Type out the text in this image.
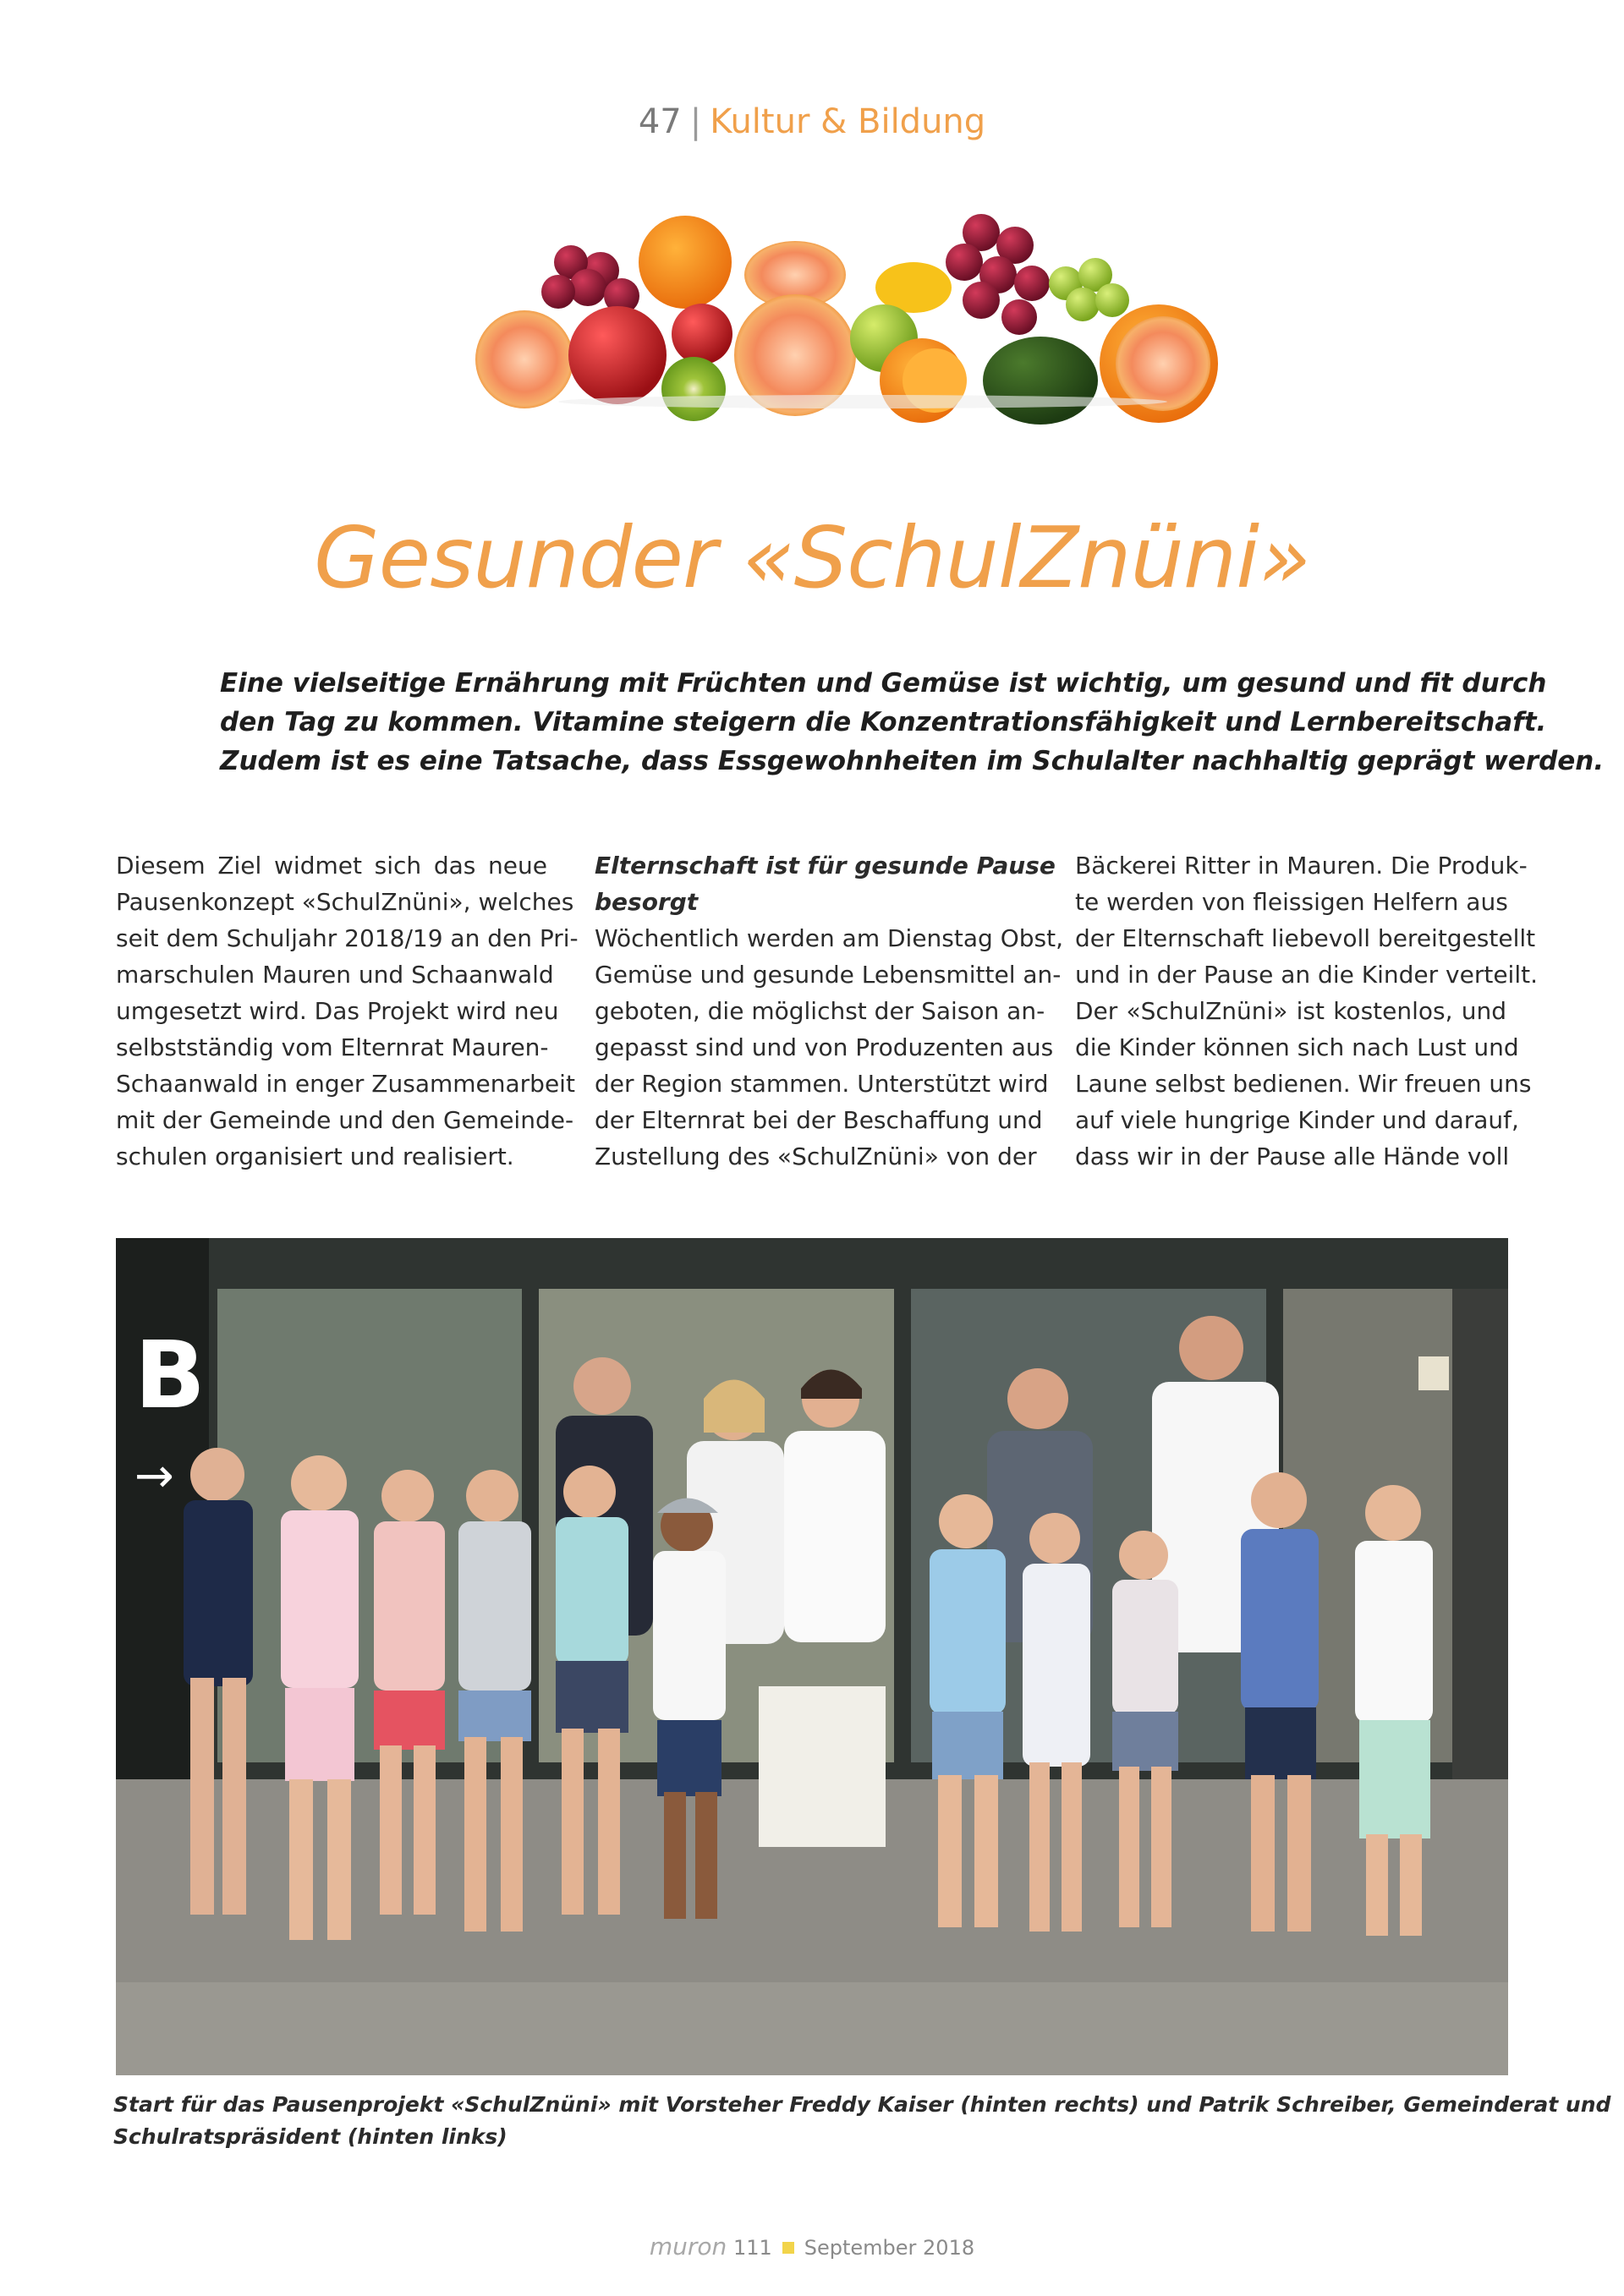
47 | Kultur & Bildung
Gesunder «SchulZnüni»
Eine vielseitige Ernährung mit Früchten und Gemüse ist wichtig, um gesund und fit durch
den Tag zu kommen. Vitamine steigern die Konzentrationsfähigkeit und Lernbereitschaft.
Zudem ist es eine Tatsache, dass Essgewohnheiten im Schulalter nachhaltig geprägt werden.
Diesem Ziel widmet sich das neue
Pausenkonzept «SchulZnüni», welches
seit dem Schuljahr 2018/19 an den Pri-
marschulen Mauren und Schaanwald
umgesetzt wird. Das Projekt wird neu
selbstständig vom Elternrat Mauren-
Schaanwald in enger Zusammenarbeit
mit der Gemeinde und den Gemeinde-
schulen organisiert und realisiert.
Elternschaft ist für gesunde Pause
besorgt
Wöchentlich werden am Dienstag Obst,
Gemüse und gesunde Lebensmittel an-
geboten, die möglichst der Saison an-
gepasst sind und von Produzenten aus
der Region stammen. Unterstützt wird
der Elternrat bei der Beschaffung und
Zustellung des «SchulZnüni» von der
Bäckerei Ritter in Mauren. Die Produk-
te werden von fleissigen Helfern aus
der Elternschaft liebevoll bereitgestellt
und in der Pause an die Kinder verteilt.
Der «SchulZnüni» ist kostenlos, und
die Kinder können sich nach Lust und
Laune selbst bedienen. Wir freuen uns
auf viele hungrige Kinder und darauf,
dass wir in der Pause alle Hände voll
B
→
Start für das Pausenprojekt «SchulZnüni» mit Vorsteher Freddy Kaiser (hinten rechts) und Patrik Schreiber, Gemeinderat und
Schulratspräsident (hinten links)
muron 111 September 2018
